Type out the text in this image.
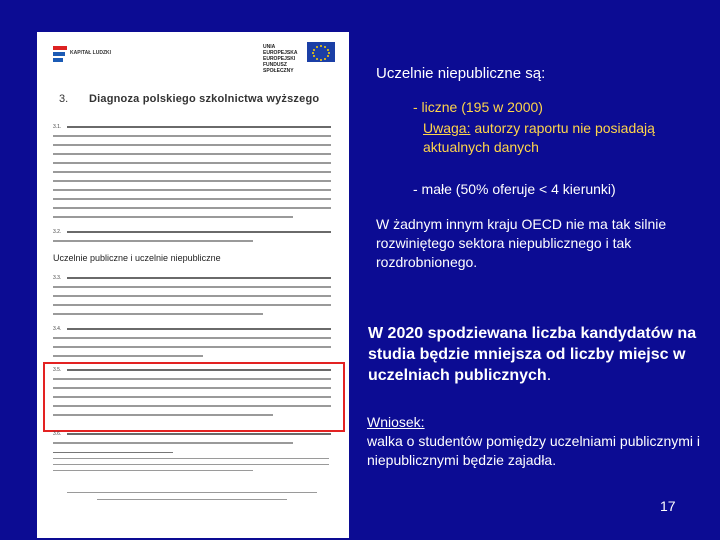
KAPITAŁ LUDZKI
UNIA EUROPEJSKA EUROPEJSKI FUNDUSZ SPOŁECZNY
3. Diagnoza polskiego szkolnictwa wyższego
3.1.
3.2.
Uczelnie publiczne i uczelnie niepubliczne
3.3.
3.4.
3.5.
3.6.
Uczelnie niepubliczne są:
- liczne (195 w 2000)
Uwaga: autorzy raportu nie posiadają aktualnych danych
- małe (50% oferuje < 4 kierunki)
W żadnym innym kraju OECD nie ma tak silnie rozwiniętego sektora niepublicznego i tak rozdrobnionego.
W 2020 spodziewana liczba kandydatów na studia będzie mniejsza od liczby miejsc w uczelniach publicznych.
Wniosek:
walka o studentów pomiędzy uczelniami publicznymi i niepublicznymi będzie zajadła.
17
